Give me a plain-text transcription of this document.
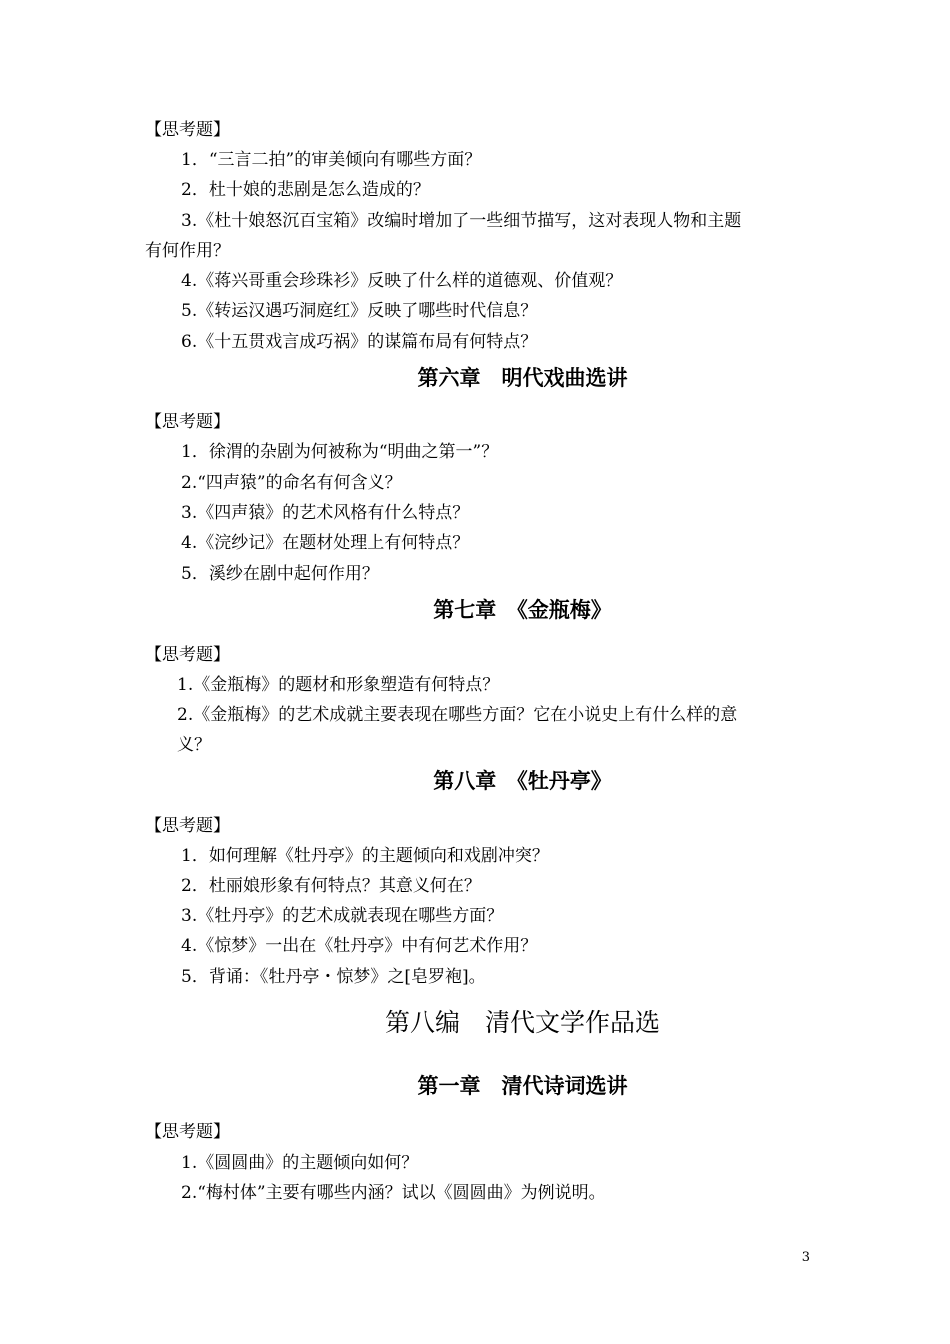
【思考题】
1．“三言二拍”的审美倾向有哪些方面？
2．杜十娘的悲剧是怎么造成的？
3.《杜十娘怒沉百宝箱》改编时增加了一些细节描写，这对表现人物和主题
有何作用？
4.《蒋兴哥重会珍珠衫》反映了什么样的道德观、价值观？
5.《转运汉遇巧洞庭红》反映了哪些时代信息？
6.《十五贯戏言成巧祸》的谋篇布局有何特点？
第六章　明代戏曲选讲
【思考题】
1．徐渭的杂剧为何被称为“明曲之第一”？
2.“四声猿”的命名有何含义？
3.《四声猿》的艺术风格有什么特点？
4.《浣纱记》在题材处理上有何特点？
5．溪纱在剧中起何作用？
第七章　《金瓶梅》
【思考题】
1.《金瓶梅》的题材和形象塑造有何特点？
2.《金瓶梅》的艺术成就主要表现在哪些方面？它在小说史上有什么样的意
义？
第八章　《牡丹亭》
【思考题】
1．如何理解《牡丹亭》的主题倾向和戏剧冲突？
2．杜丽娘形象有何特点？其意义何在？
3.《牡丹亭》的艺术成就表现在哪些方面？
4.《惊梦》一出在《牡丹亭》中有何艺术作用？
5．背诵：《牡丹亭・惊梦》之[皂罗袍]。
第八编　清代文学作品选
第一章　清代诗词选讲
【思考题】
1.《圆圆曲》的主题倾向如何？
2.“梅村体”主要有哪些内涵？试以《圆圆曲》为例说明。
3
